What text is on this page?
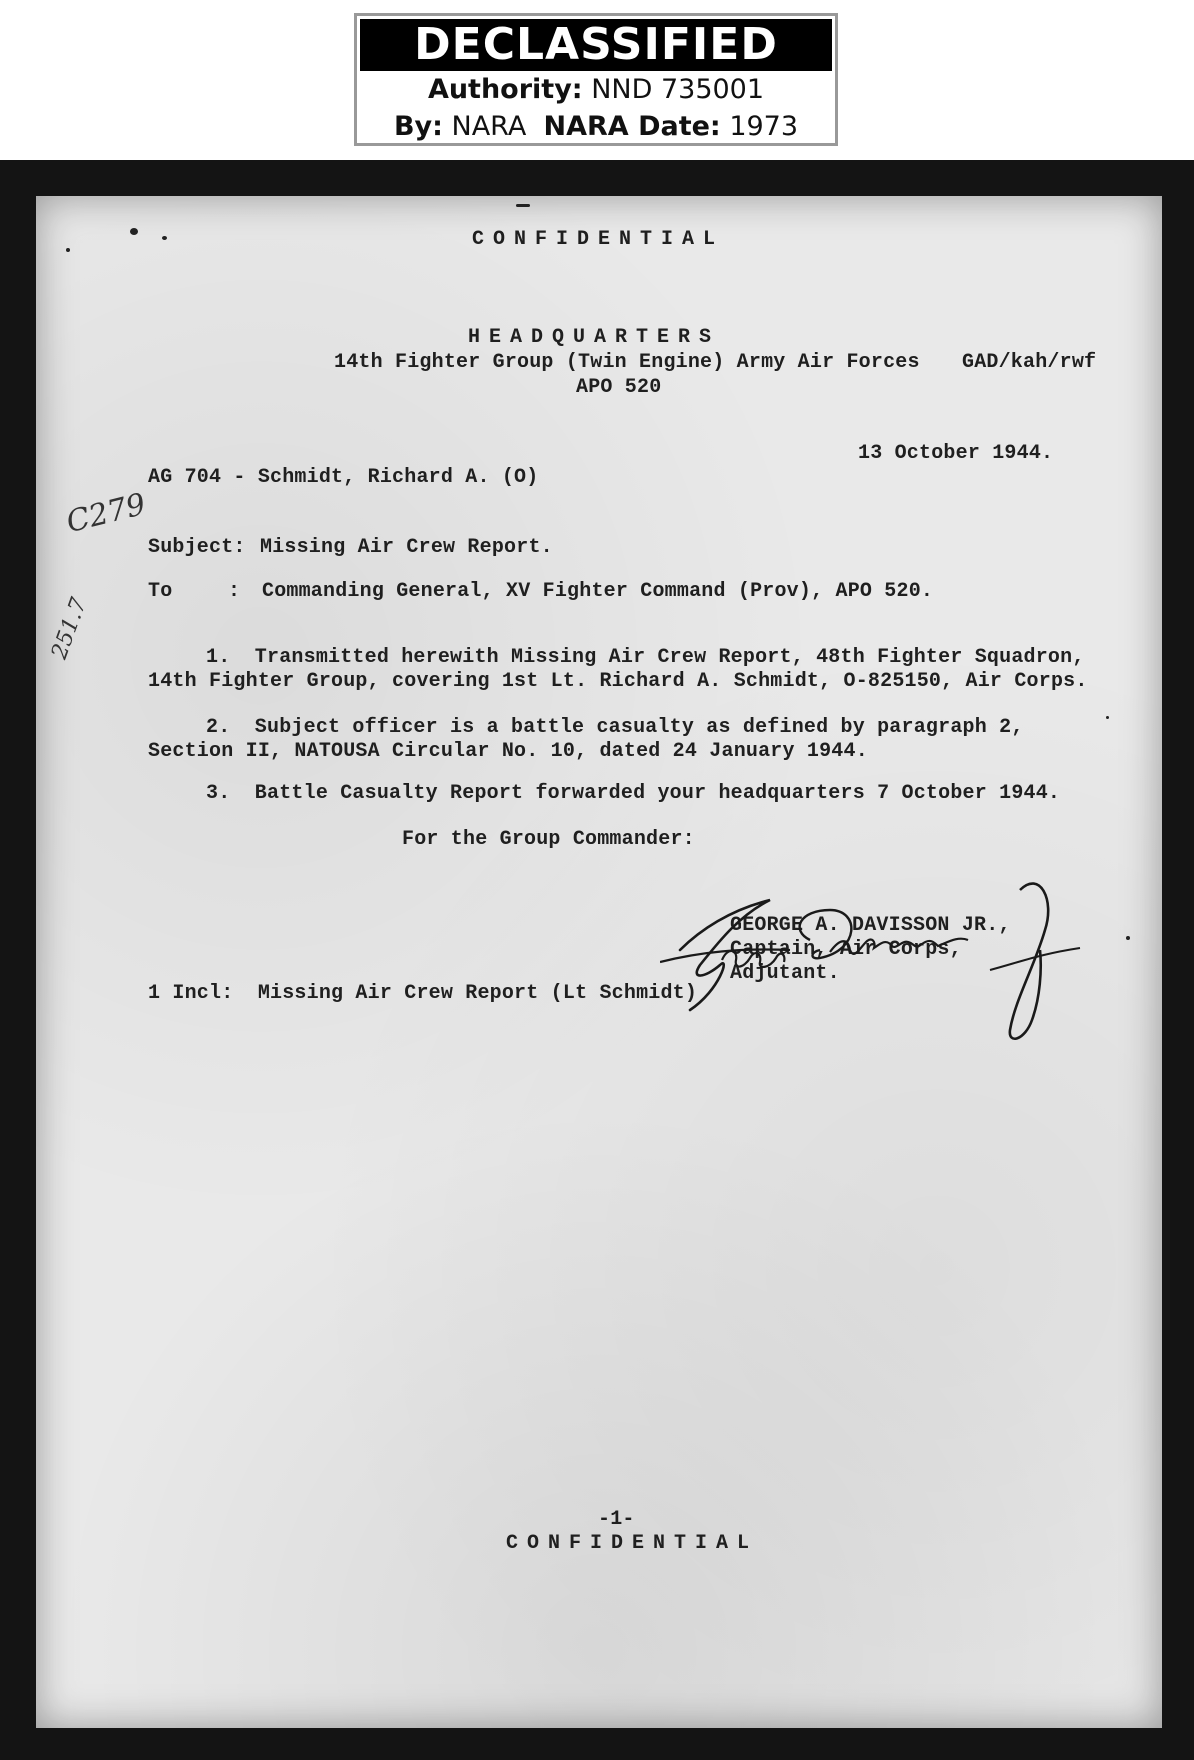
DECLASSIFIED
Authority: NND 735001
By: NARA NARA Date: 1973
CONFIDENTIAL
HEADQUARTERS
14th Fighter Group (Twin Engine) Army Air Forces
APO 520
GAD/kah/rwf
13 October 1944.
AG 704 - Schmidt, Richard A. (O)
C279
251.7
Subject: Missing Air Crew Report.
To	: Commanding General, XV Fighter Command (Prov), APO 520.
1.  Transmitted herewith Missing Air Crew Report, 48th Fighter Squadron,
14th Fighter Group, covering 1st Lt. Richard A. Schmidt, O-825150, Air Corps.
2.  Subject officer is a battle casualty as defined by paragraph 2,
Section II, NATOUSA Circular No. 10, dated 24 January 1944.
3.  Battle Casualty Report forwarded your headquarters 7 October 1944.
For the Group Commander:
GEORGE A. DAVISSON JR.,
Captain, Air Corps,
Adjutant.
1 Incl:  Missing Air Crew Report (Lt Schmidt)
-1-
CONFIDENTIAL
